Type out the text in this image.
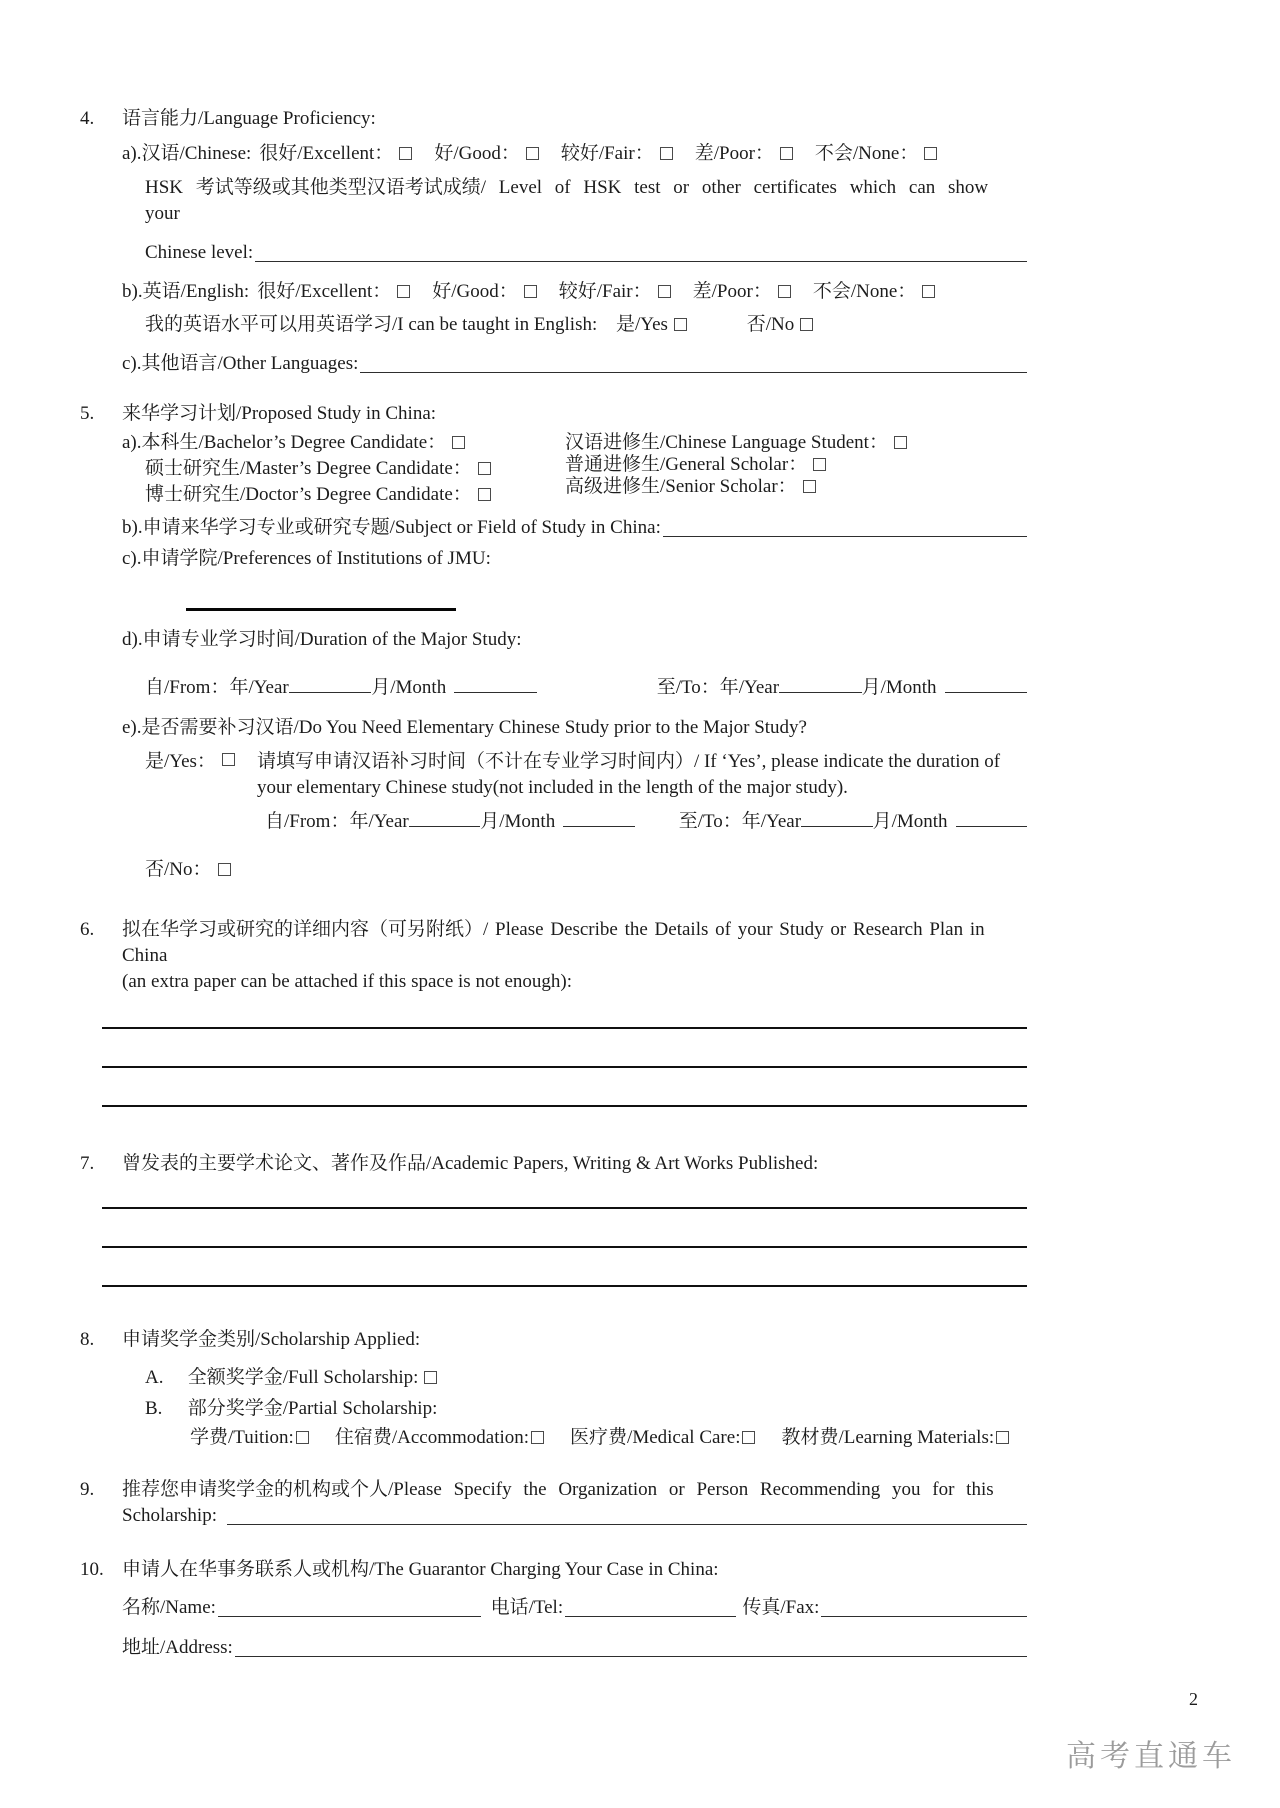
4.	语言能力/Language Proficiency:
a).汉语/Chinese: 很好/Excellent： 好/Good： 较好/Fair： 差/Poor： 不会/None：
HSK 考试等级或其他类型汉语考试成绩/ Level of HSK test or other certificates which can show your
Chinese level:
b).英语/English: 很好/Excellent： 好/Good： 较好/Fair： 差/Poor： 不会/None：
我的英语水平可以用英语学习/I can be taught in English: 是/Yes	否/No
c).其他语言/Other Languages:
5.	来华学习计划/Proposed Study in China:
a).本科生/Bachelor’s Degree Candidate：
硕士研究生/Master’s Degree Candidate：
博士研究生/Doctor’s Degree Candidate：
汉语进修生/Chinese Language Student：
普通进修生/General Scholar：
高级进修生/Senior Scholar：
b).申请来华学习专业或研究专题/Subject or Field of Study in China:
c).申请学院/Preferences of Institutions of JMU:
d).申请专业学习时间/Duration of the Major Study:
自/From： 年/Year	月/Month	至/To： 年/Year	月/Month
e).是否需要补习汉语/Do You Need Elementary Chinese Study prior to the Major Study?
是/Yes： 请填写申请汉语补习时间（不计在专业学习时间内）/ If ‘Yes’, please indicate the duration of your elementary Chinese study(not included in the length of the major study).
自/From： 年/Year	月/Month	至/To： 年/Year	月/Month
否/No：
6.	拟在华学习或研究的详细内容（可另附纸）/ Please Describe the Details of your Study or Research Plan in China
(an extra paper can be attached if this space is not enough):
7.	曾发表的主要学术论文、著作及作品/Academic Papers, Writing & Art Works Published:
8.	申请奖学金类别/Scholarship Applied:
A. 全额奖学金/Full Scholarship:
B. 部分奖学金/Partial Scholarship:
学费/Tuition: 住宿费/Accommodation: 医疗费/Medical Care: 教材费/Learning Materials:
9.	推荐您申请奖学金的机构或个人/Please Specify the Organization or Person Recommending you for this
Scholarship:
10. 申请人在华事务联系人或机构/The Guarantor Charging Your Case in China:
名称/Name:	电话/Tel:	传真/Fax:
地址/Address:
2
高考直通车
